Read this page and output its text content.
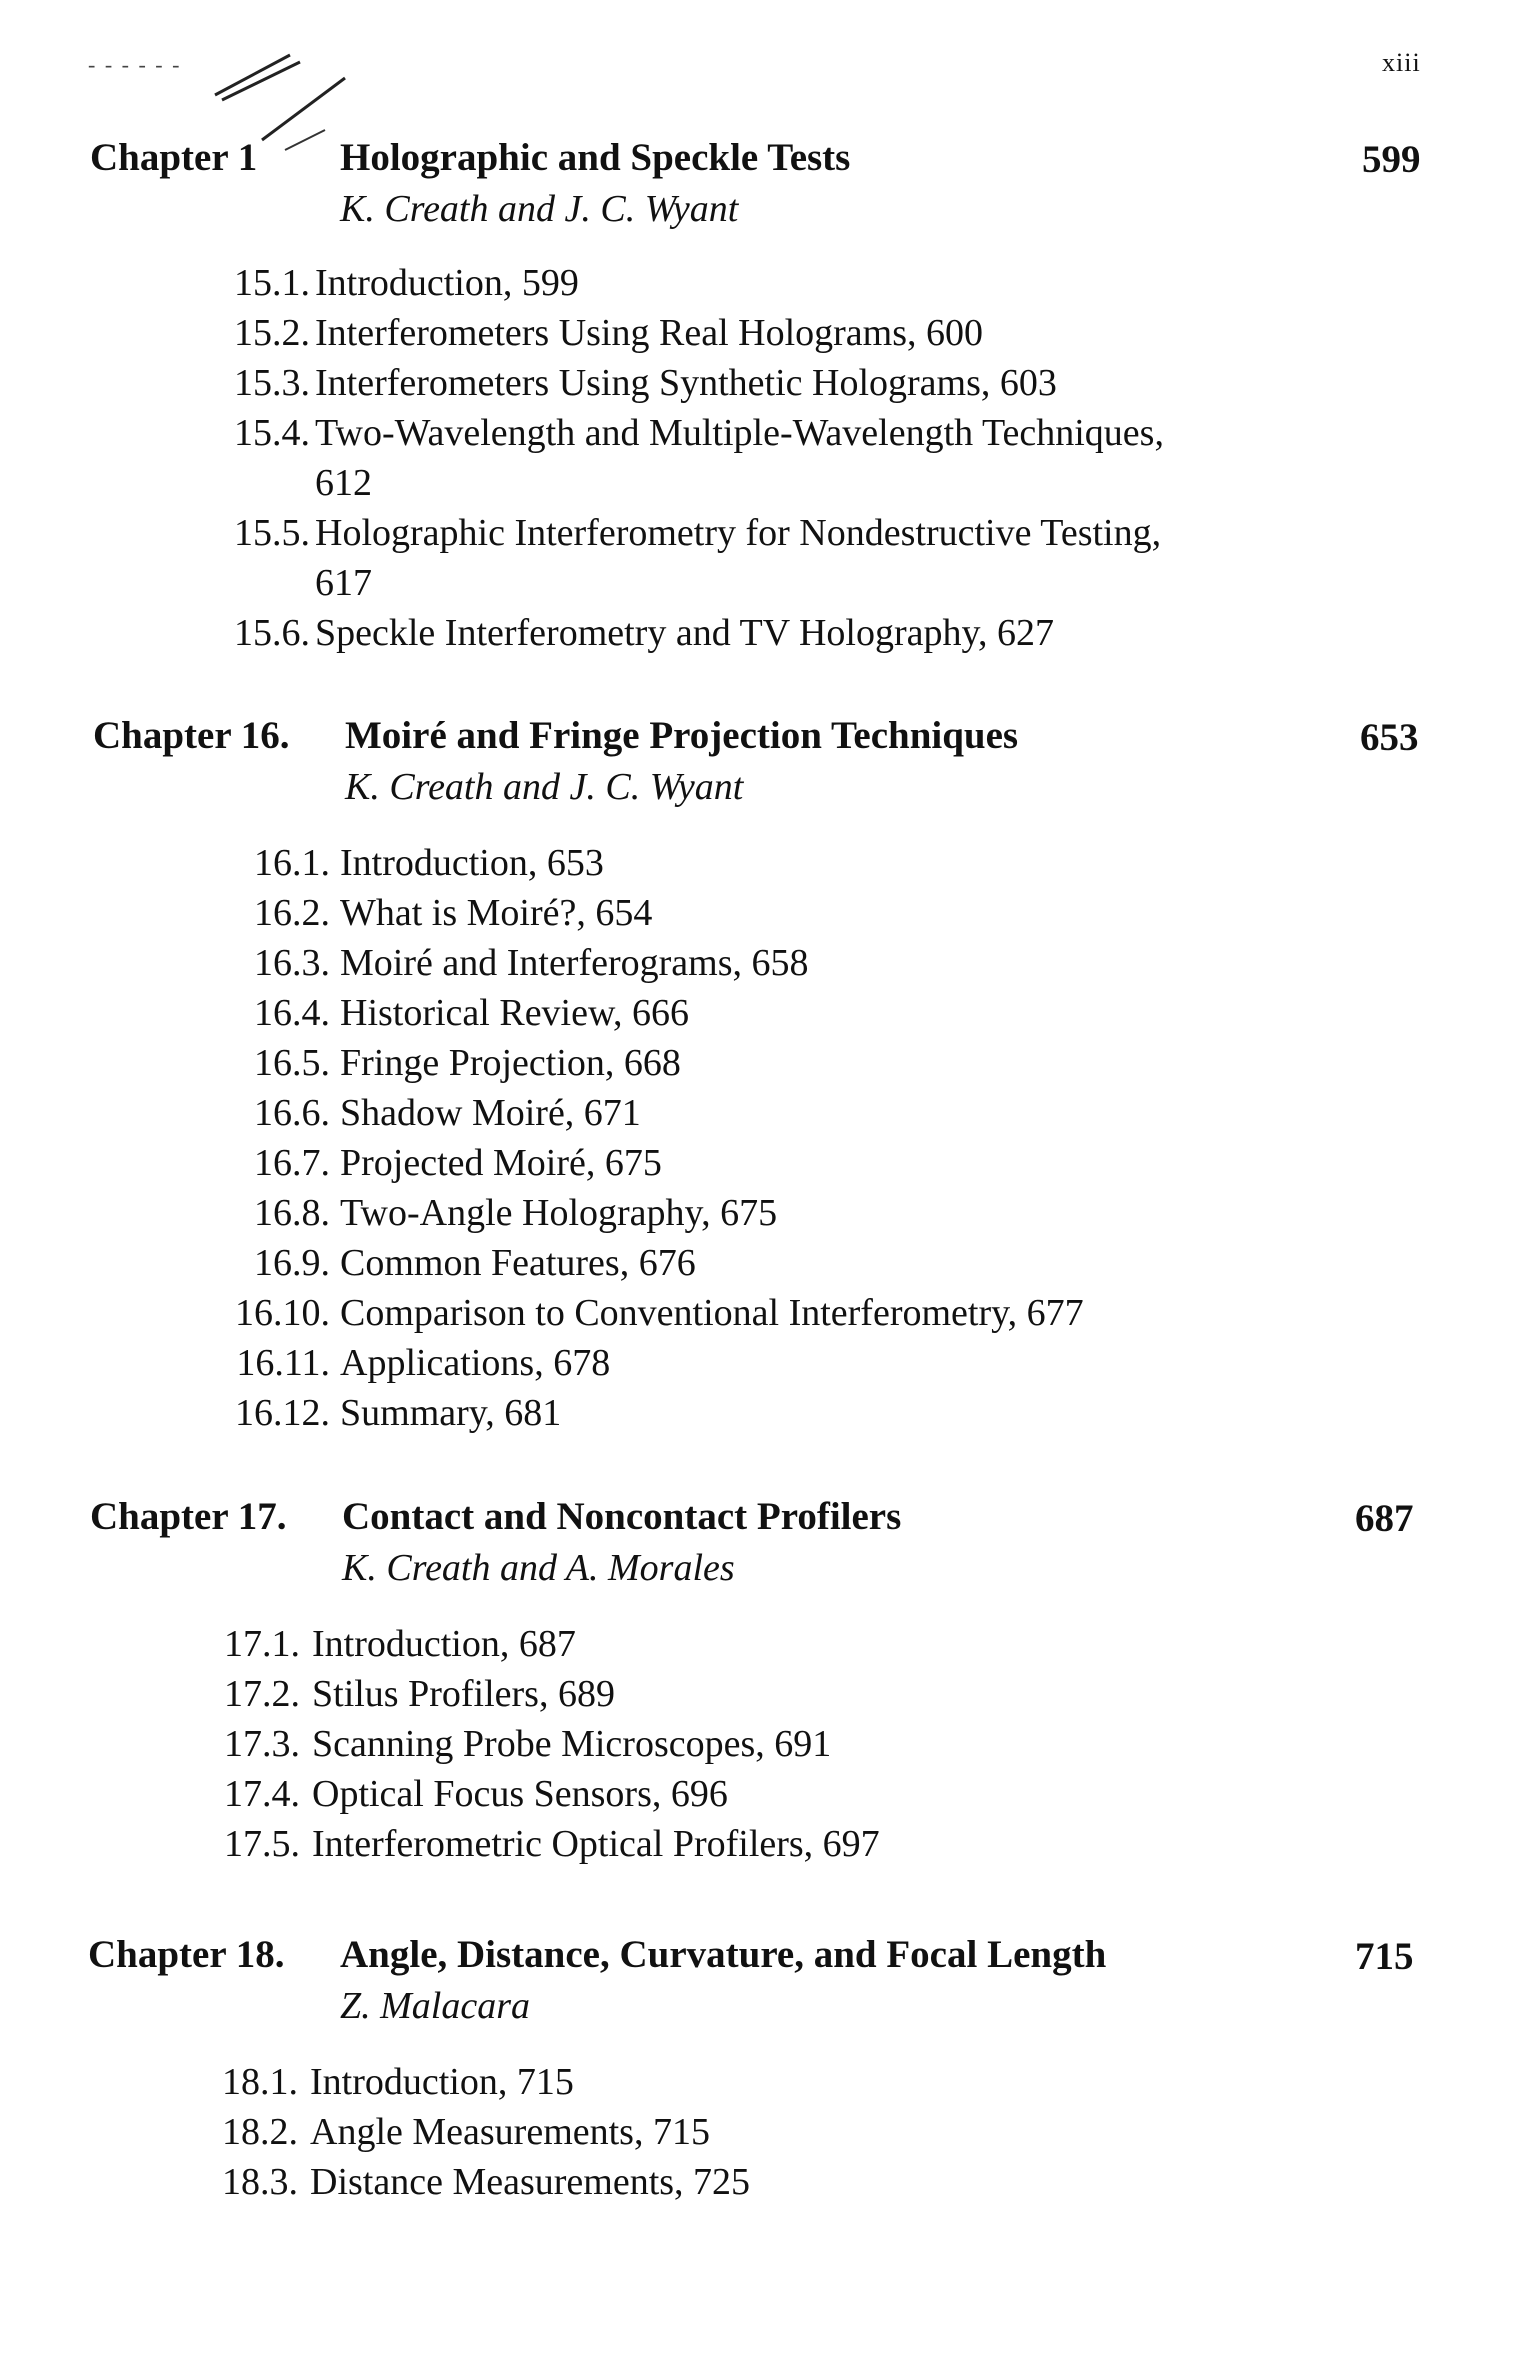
xiii
- - - - - -
Chapter 1 Holographic and Speckle Tests	599
K. Creath and J. C. Wyant
15.1. Introduction, 599
15.2. Interferometers Using Real Holograms, 600
15.3. Interferometers Using Synthetic Holograms, 603
15.4. Two-Wavelength and Multiple-Wavelength Techniques,
612
15.5. Holographic Interferometry for Nondestructive Testing,
617
15.6. Speckle Interferometry and TV Holography, 627
Chapter 16. Moiré and Fringe Projection Techniques	653
K. Creath and J. C. Wyant
16.1. Introduction, 653
16.2. What is Moiré?, 654
16.3. Moiré and Interferograms, 658
16.4. Historical Review, 666
16.5. Fringe Projection, 668
16.6. Shadow Moiré, 671
16.7. Projected Moiré, 675
16.8. Two-Angle Holography, 675
16.9. Common Features, 676
16.10. Comparison to Conventional Interferometry, 677
16.11. Applications, 678
16.12. Summary, 681
Chapter 17. Contact and Noncontact Profilers	687
K. Creath and A. Morales
17.1. Introduction, 687
17.2. Stilus Profilers, 689
17.3. Scanning Probe Microscopes, 691
17.4. Optical Focus Sensors, 696
17.5. Interferometric Optical Profilers, 697
Chapter 18. Angle, Distance, Curvature, and Focal Length	715
Z. Malacara
18.1. Introduction, 715
18.2. Angle Measurements, 715
18.3. Distance Measurements, 725
